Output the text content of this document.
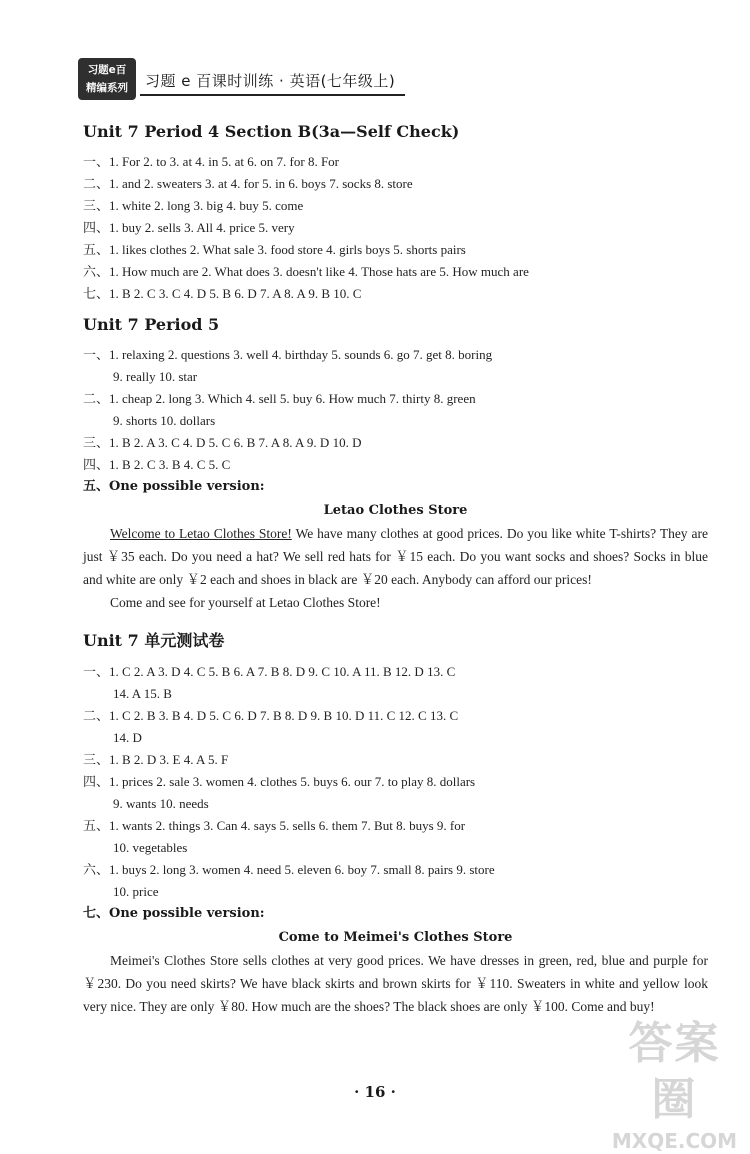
习题e百
精编系列	习题 e 百课时训练 · 英语(七年级上)
Unit 7 Period 4 Section B(3a—Self Check)
一、1. For 2. to 3. at 4. in 5. at 6. on 7. for 8. For
二、1. and 2. sweaters 3. at 4. for 5. in 6. boys 7. socks 8. store
三、1. white 2. long 3. big 4. buy 5. come
四、1. buy 2. sells 3. All 4. price 5. very
五、1. likes clothes 2. What sale 3. food store 4. girls boys 5. shorts pairs
六、1. How much are 2. What does 3. doesn't like 4. Those hats are 5. How much are
七、1. B 2. C 3. C 4. D 5. B 6. D 7. A 8. A 9. B 10. C
Unit 7 Period 5
一、1. relaxing 2. questions 3. well 4. birthday 5. sounds 6. go 7. get 8. boring
9. really 10. star
二、1. cheap 2. long 3. Which 4. sell 5. buy 6. How much 7. thirty 8. green
9. shorts 10. dollars
三、1. B 2. A 3. C 4. D 5. C 6. B 7. A 8. A 9. D 10. D
四、1. B 2. C 3. B 4. C 5. C
五、One possible version:
Letao Clothes Store
Welcome to Letao Clothes Store! We have many clothes at good prices. Do you like white T-shirts? They are just ￥35 each. Do you need a hat? We sell red hats for ￥15 each. Do you want socks and shoes? Socks in blue and white are only ￥2 each and shoes in black are ￥20 each. Anybody can afford our prices!
Come and see for yourself at Letao Clothes Store!
Unit 7 单元测试卷
一、1. C 2. A 3. D 4. C 5. B 6. A 7. B 8. D 9. C 10. A 11. B 12. D 13. C
14. A 15. B
二、1. C 2. B 3. B 4. D 5. C 6. D 7. B 8. D 9. B 10. D 11. C 12. C 13. C
14. D
三、1. B 2. D 3. E 4. A 5. F
四、1. prices 2. sale 3. women 4. clothes 5. buys 6. our 7. to play 8. dollars
9. wants 10. needs
五、1. wants 2. things 3. Can 4. says 5. sells 6. them 7. But 8. buys 9. for
10. vegetables
六、1. buys 2. long 3. women 4. need 5. eleven 6. boy 7. small 8. pairs 9. store
10. price
七、One possible version:
Come to Meimei's Clothes Store
Meimei's Clothes Store sells clothes at very good prices. We have dresses in green, red, blue and purple for ￥230. Do you need skirts? We have black skirts and brown skirts for ￥110. Sweaters in white and yellow look very nice. They are only ￥80. How much are the shoes? The black shoes are only ￥100. Come and buy!
· 16 ·
答案圈
MXQE.COM
